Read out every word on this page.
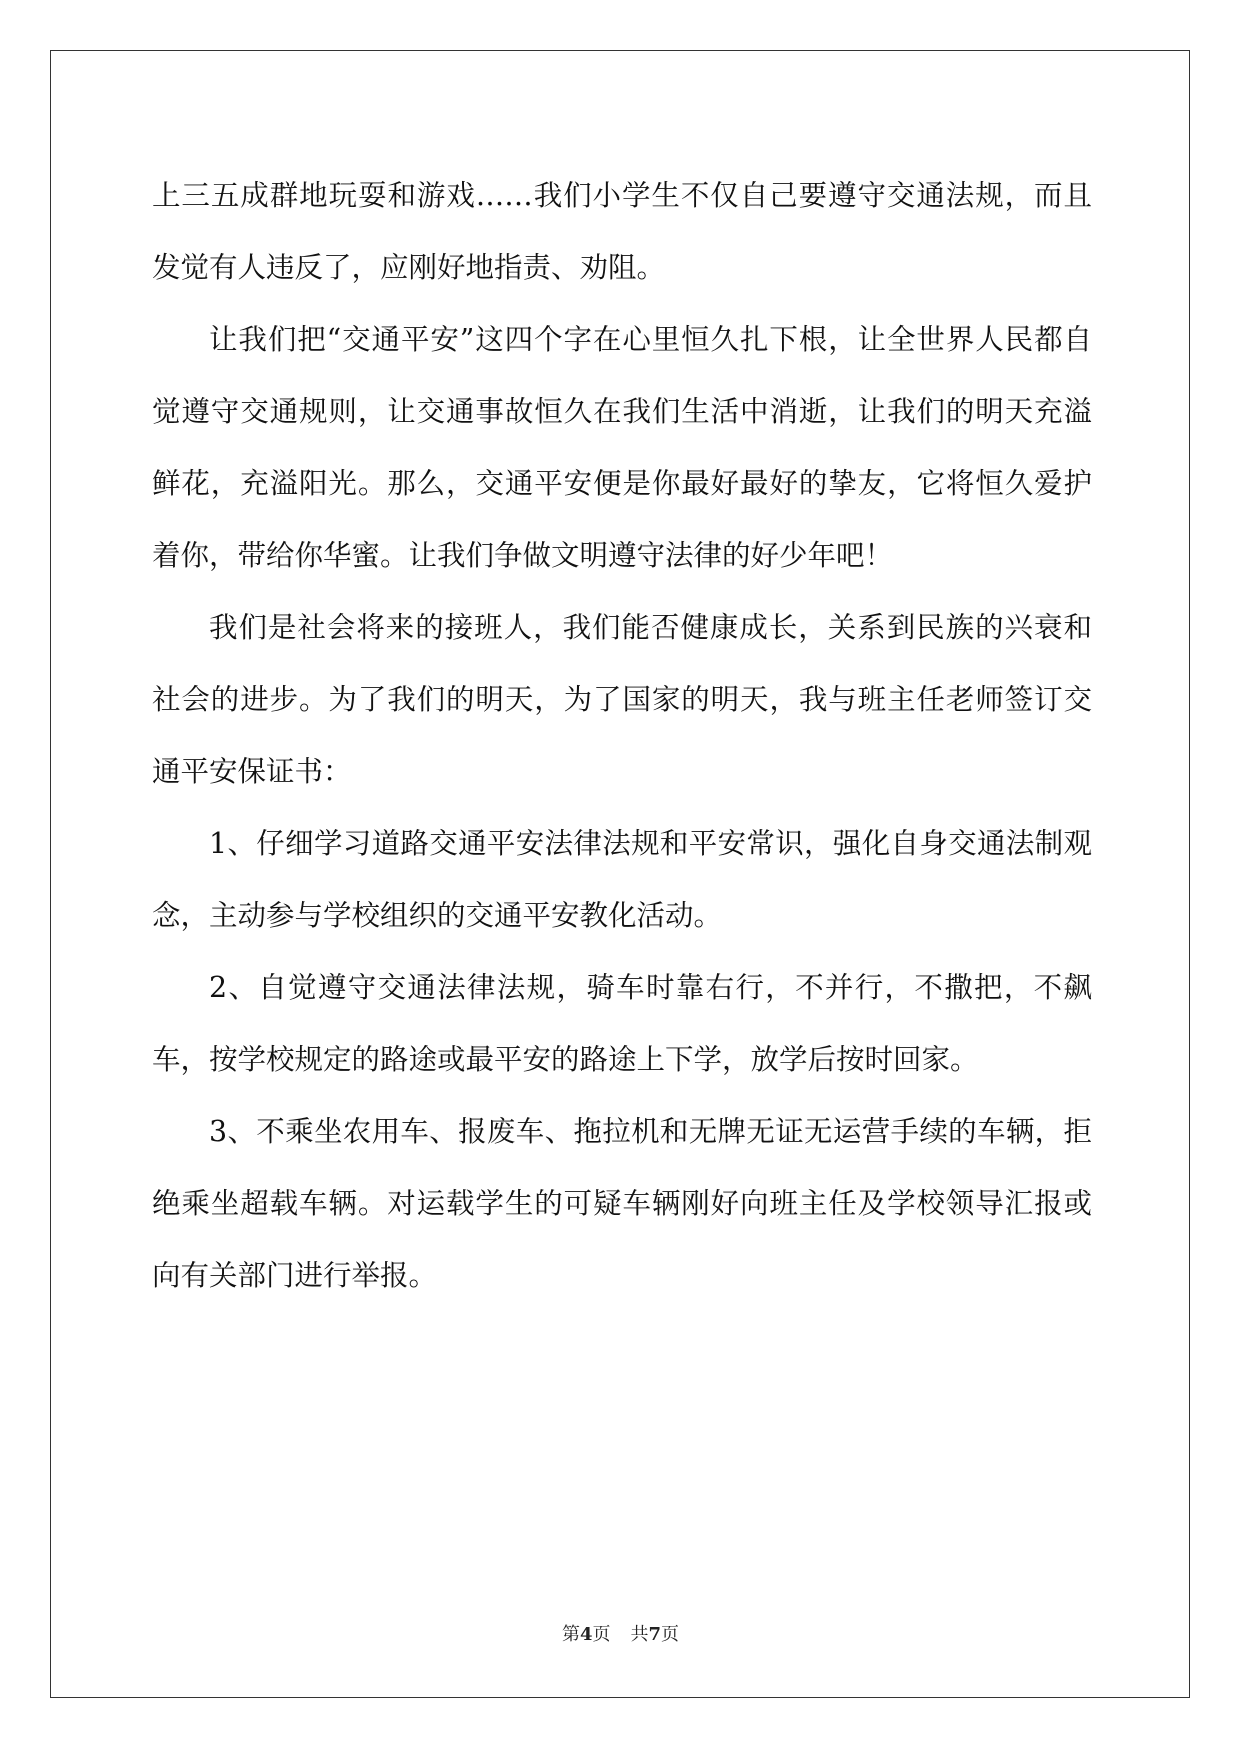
上三五成群地玩耍和游戏……我们小学生不仅自己要遵守交通法规，而且发觉有人违反了，应刚好地指责、劝阻。

让我们把“交通平安”这四个字在心里恒久扎下根，让全世界人民都自觉遵守交通规则，让交通事故恒久在我们生活中消逝，让我们的明天充溢鲜花，充溢阳光。那么，交通平安便是你最好最好的挚友，它将恒久爱护着你，带给你华蜜。让我们争做文明遵守法律的好少年吧！

我们是社会将来的接班人，我们能否健康成长，关系到民族的兴衰和社会的进步。为了我们的明天，为了国家的明天，我与班主任老师签订交通平安保证书：

1、仔细学习道路交通平安法律法规和平安常识，强化自身交通法制观念，主动参与学校组织的交通平安教化活动。

2、自觉遵守交通法律法规，骑车时靠右行，不并行，不撒把，不飙车，按学校规定的路途或最平安的路途上下学，放学后按时回家。

3、不乘坐农用车、报废车、拖拉机和无牌无证无运营手续的车辆，拒绝乘坐超载车辆。对运载学生的可疑车辆刚好向班主任及学校领导汇报或向有关部门进行举报。

第4页 共7页
